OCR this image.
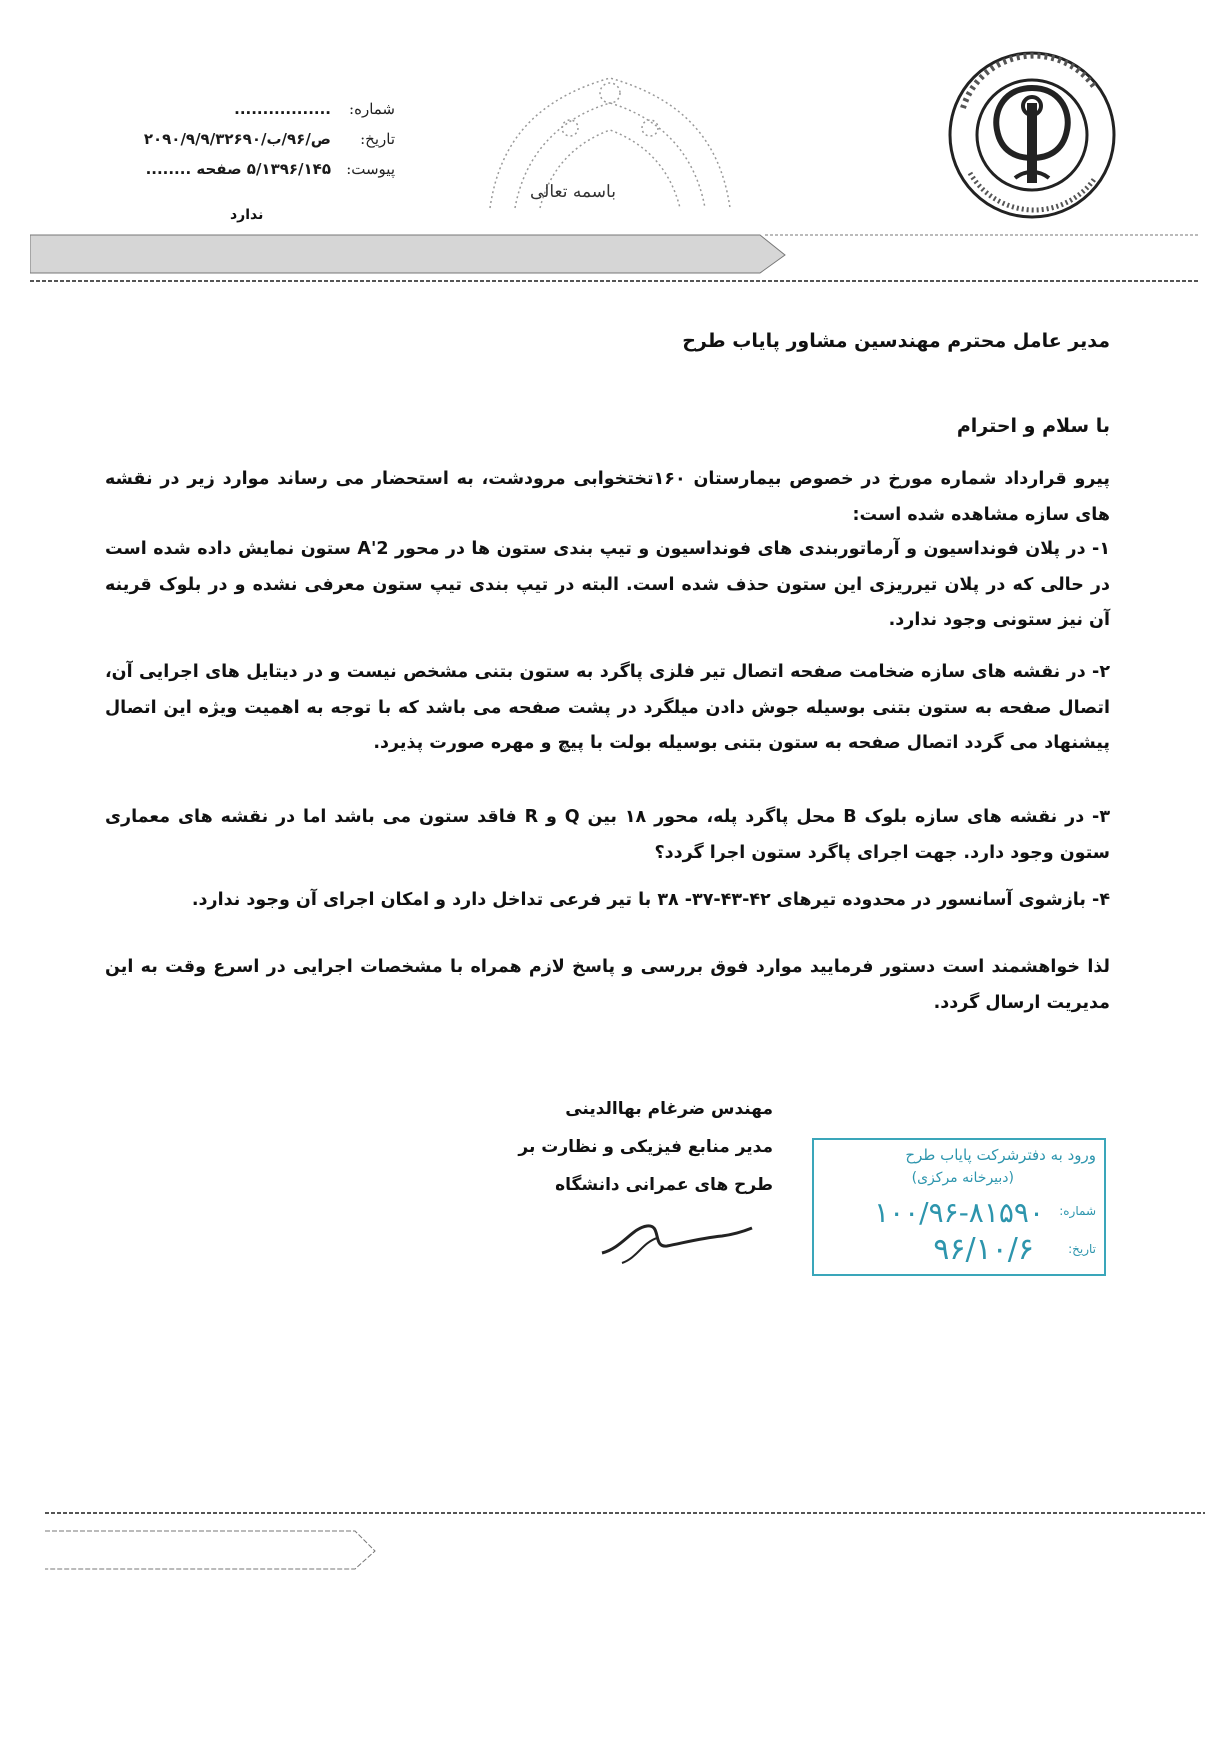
شماره:
.................
تاریخ:
ص/۹۶/ب/۲۰۹۰/۹/۹/۳۲۶۹۰
پیوست:
۵/۱۳۹۶/۱۴۵ صفحه ........
ندارد
باسمه تعالی
مدیر عامل محترم مهندسین مشاور پایاب طرح
با سلام و احترام
پیرو قرارداد شماره مورخ در خصوص بیمارستان ۱۶۰تختخوابی مرودشت، به استحضار می رساند موارد زیر در نقشه های سازه مشاهده شده است:
۱- در پلان فونداسیون و آرماتوربندی های فونداسیون و تیپ بندی ستون ها در محور A'2 ستون نمایش داده شده است در حالی که در پلان تیرریزی این ستون حذف شده است. البته در تیپ بندی تیپ ستون معرفی نشده و در بلوک قرینه آن نیز ستونی وجود ندارد.
۲- در نقشه های سازه ضخامت صفحه اتصال تیر فلزی پاگرد به ستون بتنی مشخص نیست و در دیتایل های اجرایی آن، اتصال صفحه به ستون بتنی بوسیله جوش دادن میلگرد در پشت صفحه می باشد که با توجه به اهمیت ویژه این اتصال پیشنهاد می گردد اتصال صفحه به ستون بتنی بوسیله بولت با پیچ و مهره صورت پذیرد.
۳- در نقشه های سازه بلوک B محل پاگرد پله، محور ۱۸ بین Q و R فاقد ستون می باشد اما در نقشه های معماری ستون وجود دارد. جهت اجرای پاگرد ستون اجرا گردد؟
۴- بازشوی آسانسور در محدوده تیرهای ۴۲-۴۳-۳۷- ۳۸ با تیر فرعی تداخل دارد و امکان اجرای آن وجود ندارد.
لذا خواهشمند است دستور فرمایید موارد فوق بررسی و پاسخ لازم همراه با مشخصات اجرایی در اسرع وقت به این مدیریت ارسال گردد.
مهندس ضرغام بهاالدینی
مدیر منابع فیزیکی و نظارت بر
طرح های عمرانی دانشگاه
ورود به دفترشرکت پایاب طرح
(دبیرخانه مرکزی)
شماره:
۱۰۰/۹۶-۸۱۵۹۰
تاریخ:
۹۶/۱۰/۶
